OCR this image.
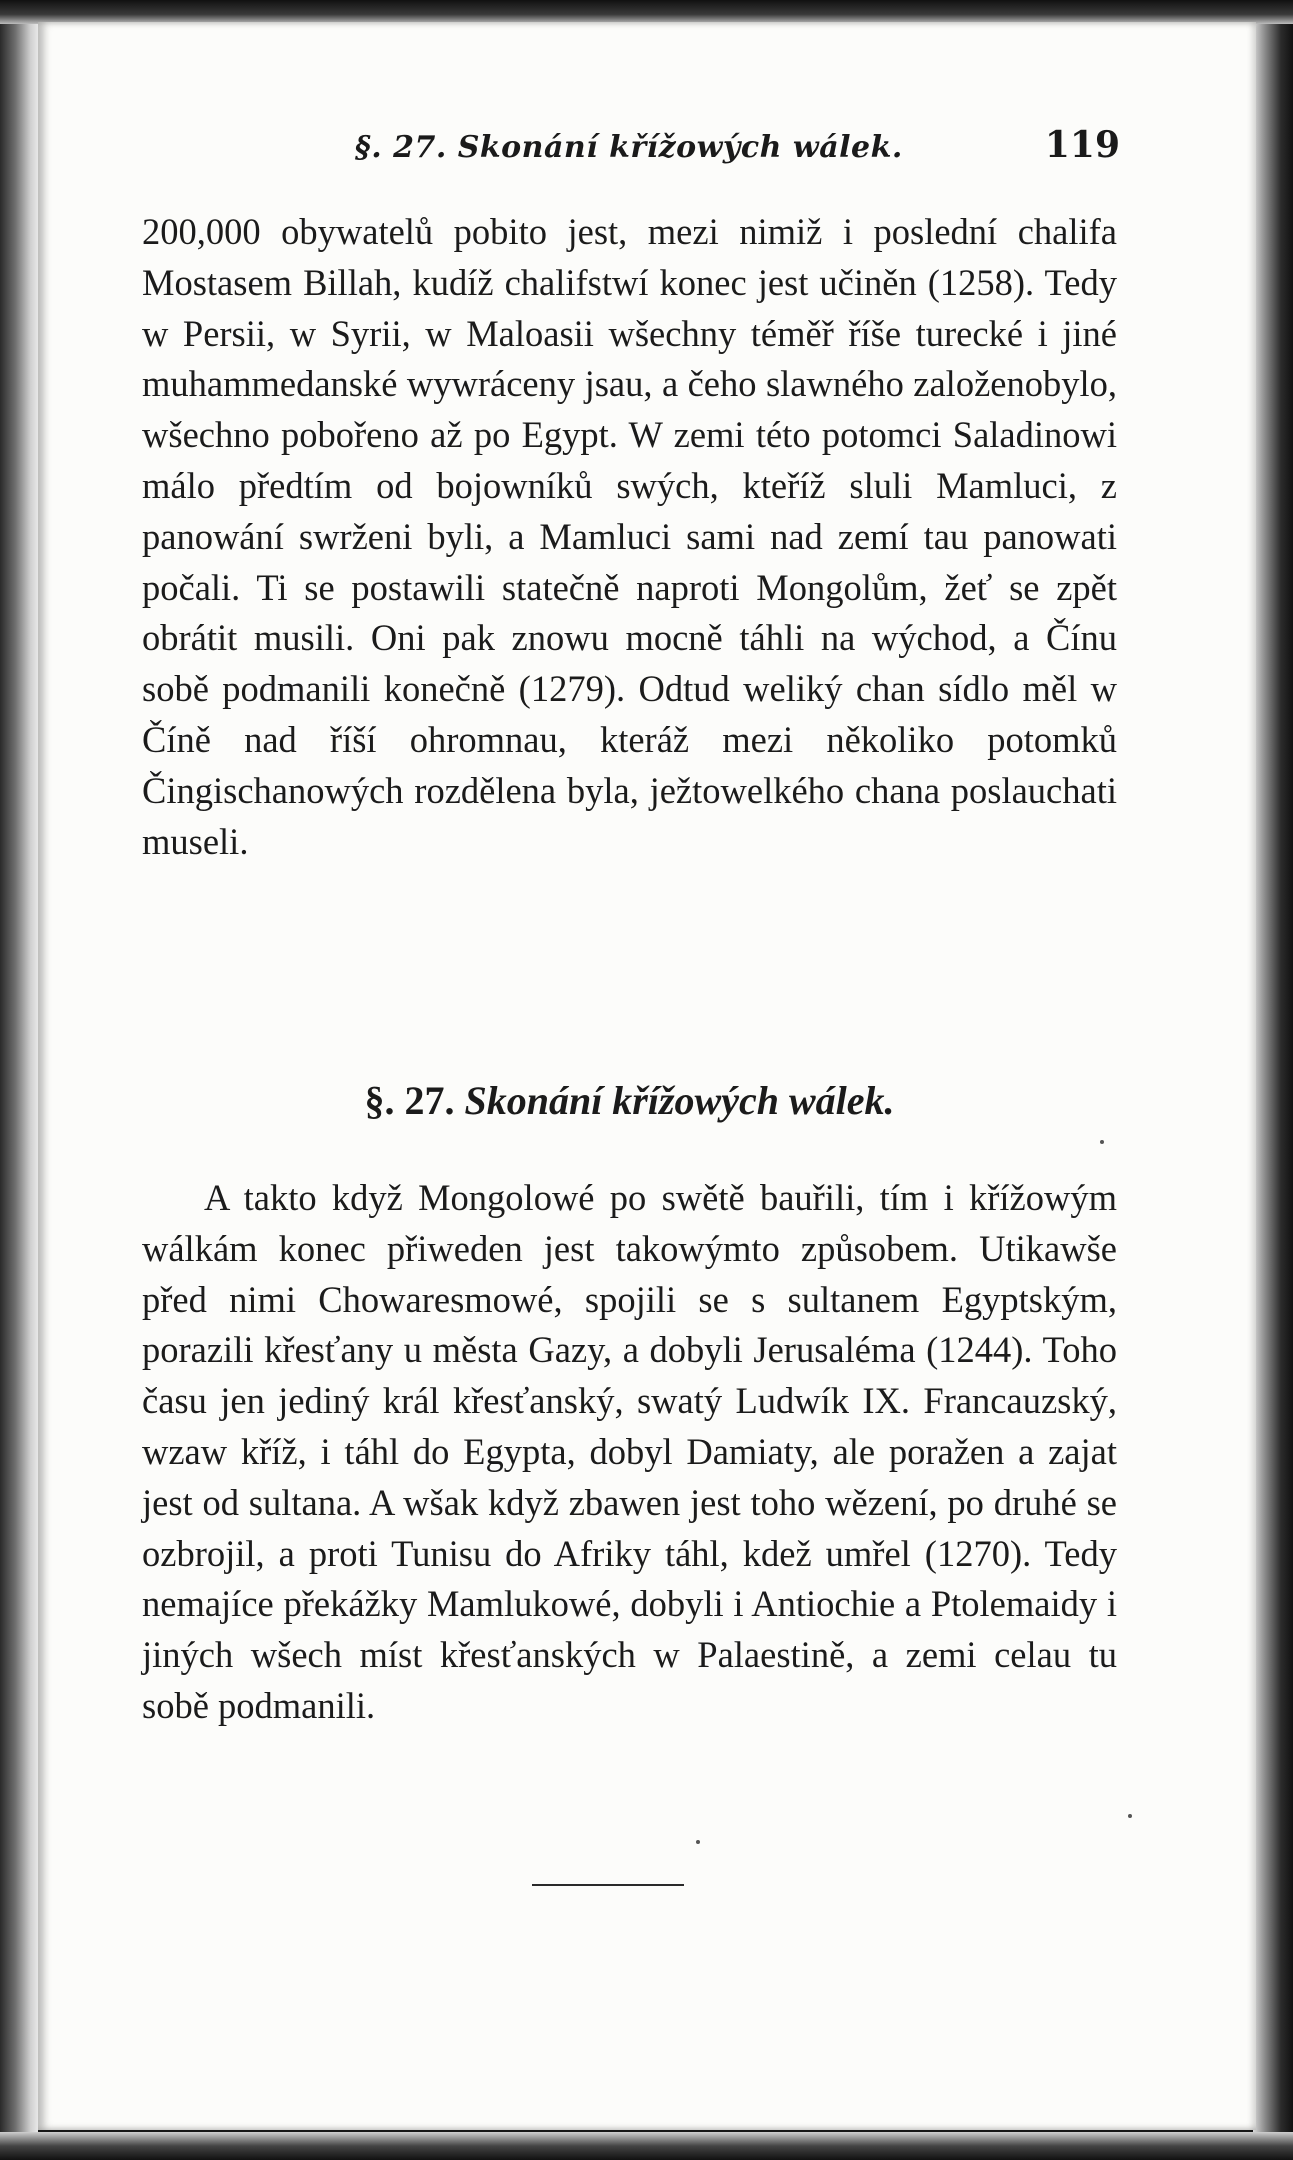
§. 27. Skonání křížowých wálek.	119

200,000 obywatelů pobito jest, mezi nimiž i poslední chalifa Mostasem Billah, kudíž chalifstwí konec jest učiněn (1258). Tedy w Persii, w Syrii, w Maloasii wšechny téměř říše turecké i jiné muhammedanské wywráceny jsau, a čeho slawného založenobylo, wšechno pobořeno až po Egypt. W zemi této potomci Saladinowi málo předtím od bojowníků swých, kteříž sluli Mamluci, z panowání swrženi byli, a Mamluci sami nad zemí tau panowati počali. Ti se postawili statečně naproti Mongolům, žeť se zpět obrátit musili. Oni pak znowu mocně táhli na wýchod, a Čínu sobě podmanili konečně (1279). Odtud weliký chan sídlo měl w Číně nad říší ohromnau, kteráž mezi několiko potomků Čingischanowých rozdělena byla, ježtowelkého chana poslauchati museli.

§. 27. Skonání křížowých wálek.

A takto když Mongolowé po swětě bauřili, tím i křížowým wálkám konec přiweden jest takowýmto způsobem. Utikawše před nimi Chowaresmowé, spojili se s sultanem Egyptským, porazili křesťany u města Gazy, a dobyli Jerusaléma (1244). Toho času jen jediný král křesťanský, swatý Ludwík IX. Francauzský, wzaw kříž, i táhl do Egypta, dobyl Damiaty, ale poražen a zajat jest od sultana. A wšak když zbawen jest toho wězení, po druhé se ozbrojil, a proti Tunisu do Afriky táhl, kdež umřel (1270). Tedy nemajíce překážky Mamlukowé, dobyli i Antiochie a Ptolemaidy i jiných wšech míst křesťanských w Palaestině, a zemi celau tu sobě podmanili.
